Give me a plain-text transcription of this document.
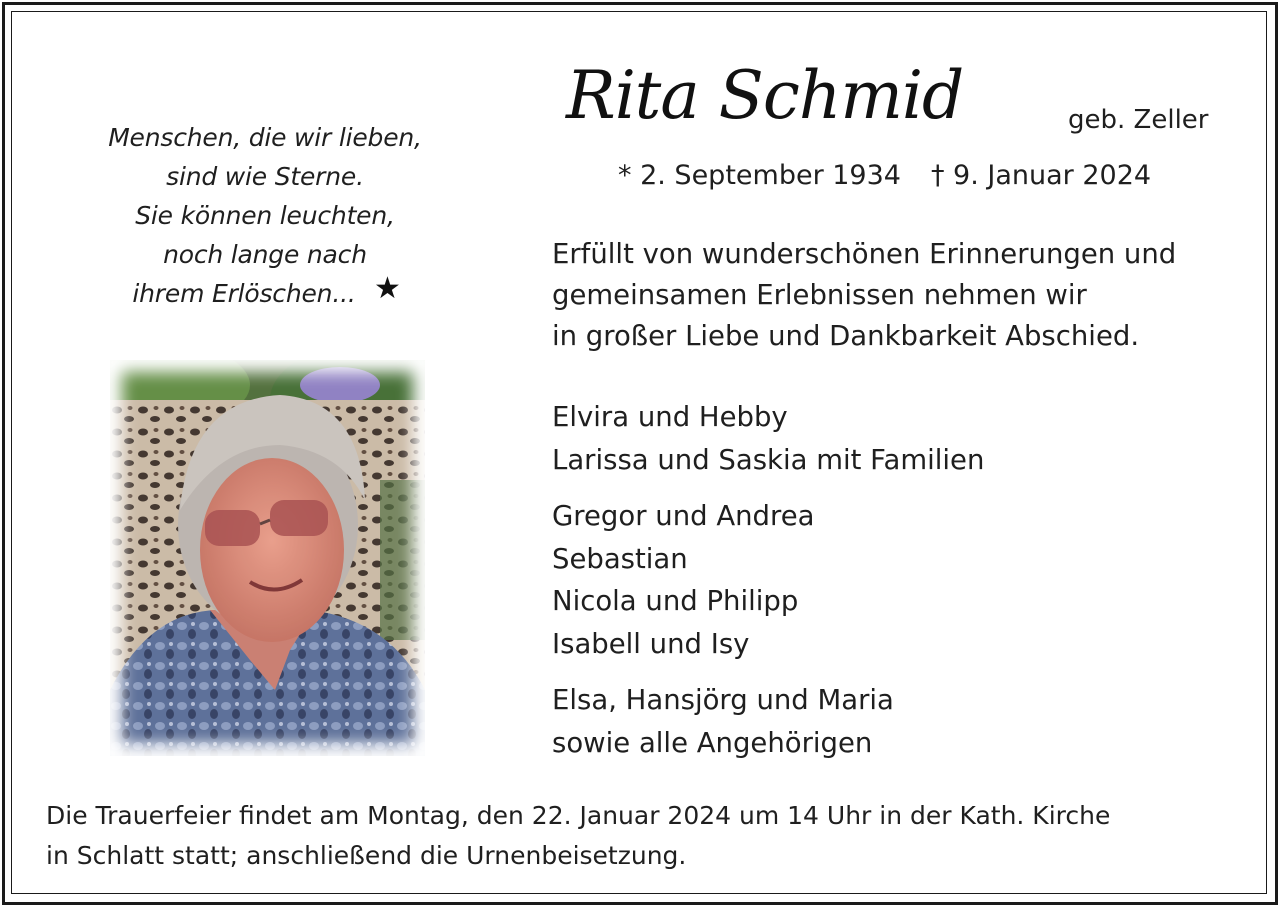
Menschen, die wir lieben,
sind wie Sterne.
Sie können leuchten,
noch lange nach
ihrem Erlöschen... ★
Rita Schmid	geb. Zeller
* 2. September 1934 † 9. Januar 2024
Erfüllt von wunderschönen Erinnerungen und
gemeinsamen Erlebnissen nehmen wir
in großer Liebe und Dankbarkeit Abschied.
Elvira und Hebby
Larissa und Saskia mit Familien
Gregor und Andrea
Sebastian
Nicola und Philipp
Isabell und Isy
Elsa, Hansjörg und Maria
sowie alle Angehörigen
Die Trauerfeier findet am Montag, den 22. Januar 2024 um 14 Uhr in der Kath. Kirche
in Schlatt statt; anschließend die Urnenbeisetzung.
